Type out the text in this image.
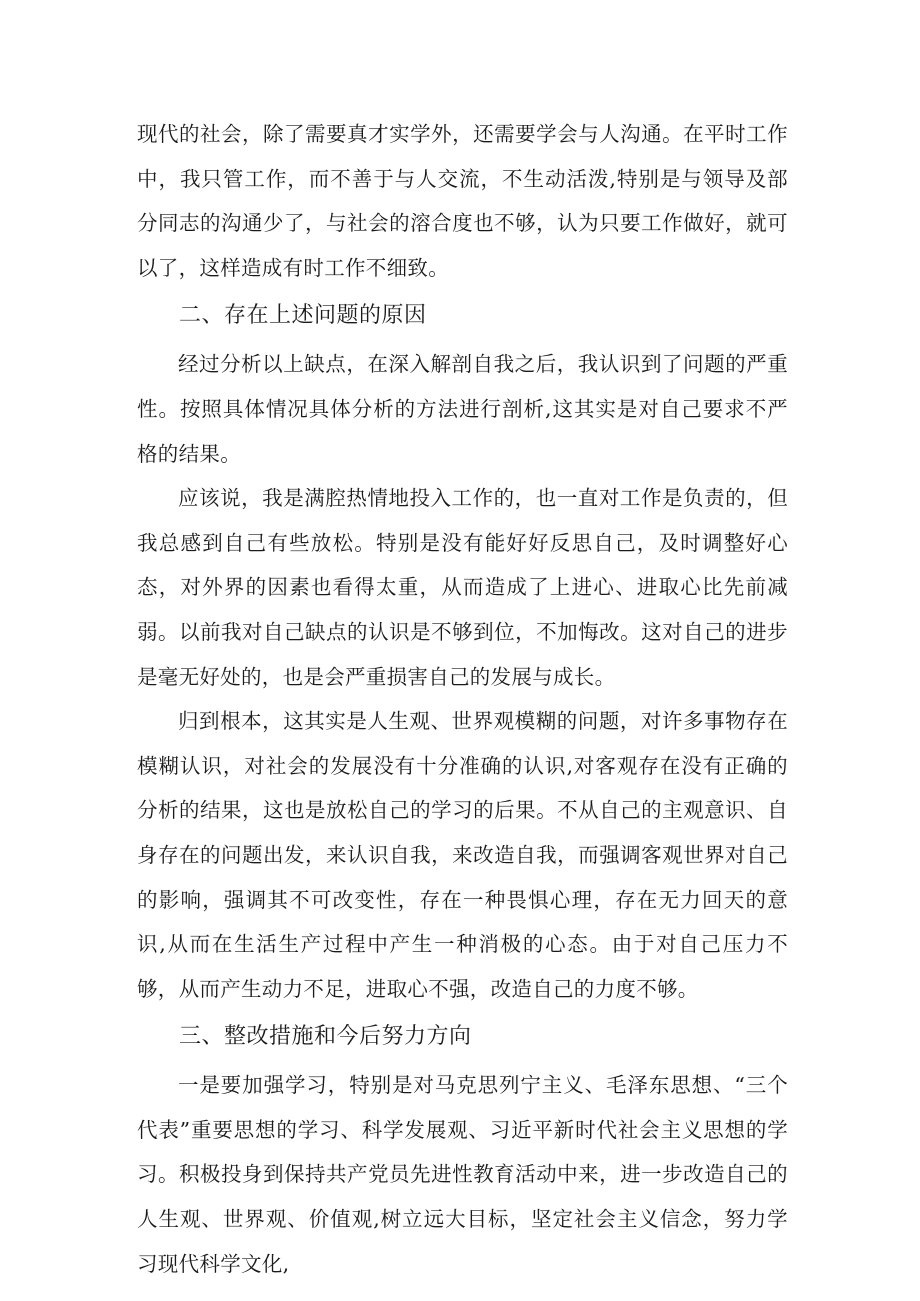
现代的社会，除了需要真才实学外，还需要学会与人沟通。在平时工作中，我只管工作，而不善于与人交流，不生动活泼,特别是与领导及部分同志的沟通少了，与社会的溶合度也不够，认为只要工作做好，就可以了，这样造成有时工作不细致。

二、存在上述问题的原因

经过分析以上缺点，在深入解剖自我之后，我认识到了问题的严重性。按照具体情况具体分析的方法进行剖析,这其实是对自己要求不严格的结果。

应该说，我是满腔热情地投入工作的，也一直对工作是负责的，但我总感到自己有些放松。特别是没有能好好反思自己，及时调整好心态，对外界的因素也看得太重，从而造成了上进心、进取心比先前减弱。以前我对自己缺点的认识是不够到位，不加悔改。这对自己的进步是毫无好处的，也是会严重损害自己的发展与成长。

归到根本，这其实是人生观、世界观模糊的问题，对许多事物存在模糊认识，对社会的发展没有十分准确的认识,对客观存在没有正确的分析的结果，这也是放松自己的学习的后果。不从自己的主观意识、自身存在的问题出发，来认识自我，来改造自我，而强调客观世界对自己的影响，强调其不可改变性，存在一种畏惧心理，存在无力回天的意识,从而在生活生产过程中产生一种消极的心态。由于对自己压力不够，从而产生动力不足，进取心不强，改造自己的力度不够。

三、整改措施和今后努力方向

一是要加强学习，特别是对马克思列宁主义、毛泽东思想、“三个代表”重要思想的学习、科学发展观、习近平新时代社会主义思想的学习。积极投身到保持共产党员先进性教育活动中来，进一步改造自己的人生观、世界观、价值观,树立远大目标，坚定社会主义信念，努力学习现代科学文化,
